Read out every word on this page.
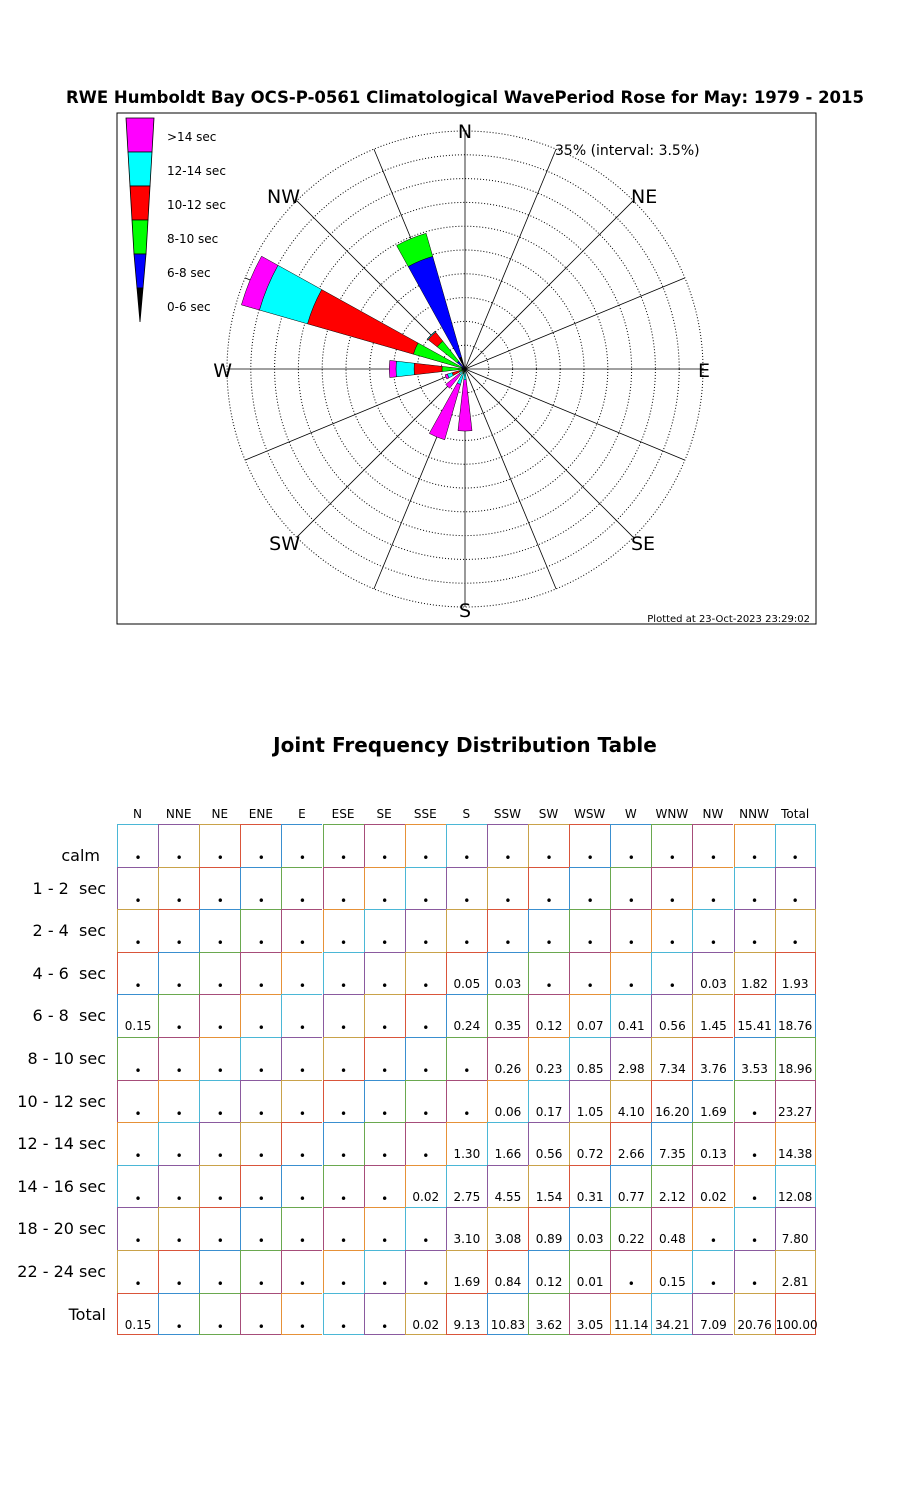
RWE Humboldt Bay OCS-P-0561 Climatological WavePeriod Rose for May: 1979 - 2015
N
NE
E
SE
S
SW
W
NW
35% (interval: 3.5%)
>14 sec
12-14 sec
10-12 sec
8-10 sec
6-8 sec
0-6 sec
Plotted at 23-Oct-2023 23:29:02
Joint Frequency Distribution Table
N	NNE	NE	ENE	E	ESE	SE	SSE	S	SSW	SW	WSW	W	WNW	NW	NNW	Total
calm	•	•	•	•	•	•	•	•	•	•	•	•	•	•	•	•	•
1 - 2  sec
•	•	•	•	•	•	•	•	•	•	•	•	•	•	•	•	•
2 - 4  sec
•	•	•	•	•	•	•	•	•	•	•	•	•	•	•	•	•
4 - 6  sec
•	•	•	•	•	•	•	•	0.05	0.03	•	•	•	•	0.03	1.82	1.93
6 - 8  sec
0.15	•	•	•	•	•	•	•	0.24	0.35	0.12	0.07	0.41	0.56	1.45 15.41 18.76
8 - 10 sec
•	•	•	•	•	•	•	•	•	0.26	0.23	0.85	2.98	7.34	3.76	3.53 18.96
10 - 12 sec
•	•	•	•	•	•	•	•	•	0.06	0.17	1.05	4.10 16.20 1.69	•	23.27
12 - 14 sec
•	•	•	•	•	•	•	•	1.30	1.66	0.56	0.72	2.66	7.35	0.13	•	14.38
14 - 16 sec
•	•	•	•	•	•	•	0.02	2.75	4.55	1.54	0.31	0.77	2.12	0.02	•	12.08
18 - 20 sec
•	•	•	•	•	•	•	•	3.10	3.08	0.89	0.03	0.22	0.48	•	•	7.80
22 - 24 sec
•	•	•	•	•	•	•	•	1.69	0.84	0.12	0.01	•	0.15	•	•	2.81
Total
0.15	•	•	•	•	•	•	0.02	9.13 10.83 3.62	3.05 11.14 34.21 7.09 20.76 100.00
